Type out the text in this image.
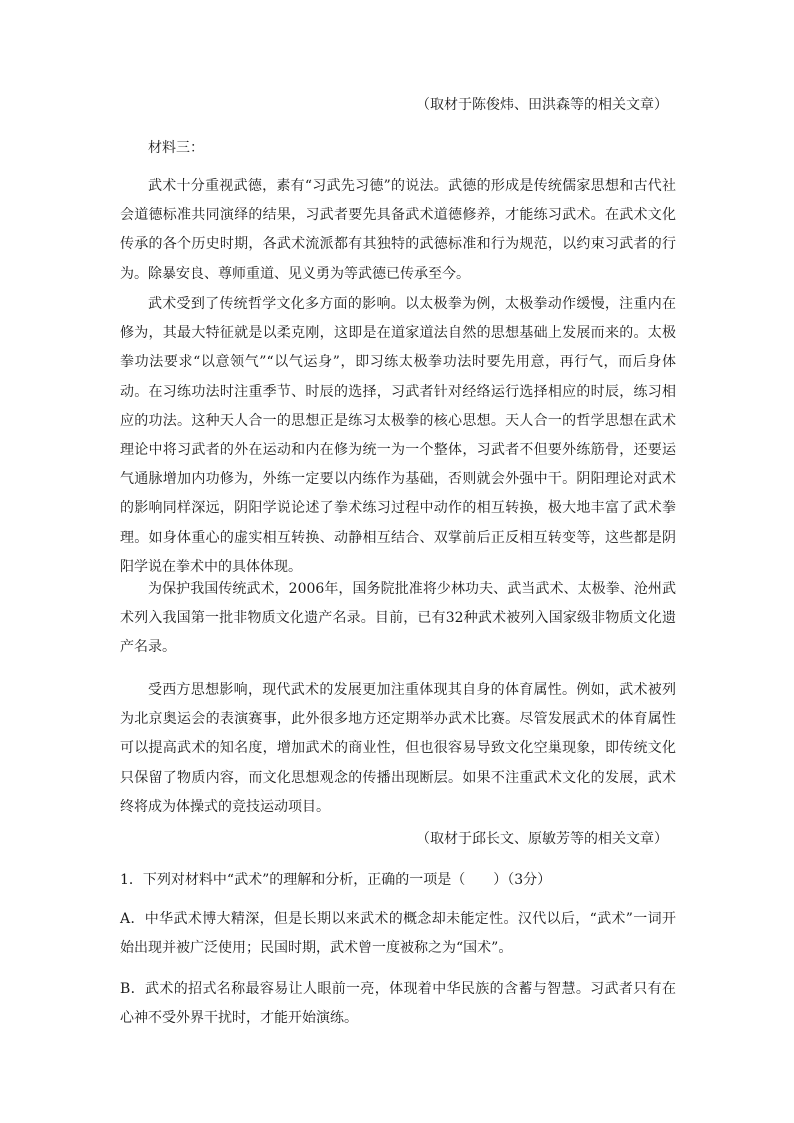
（取材于陈俊炜、田洪森等的相关文章）
材料三：

武术十分重视武德，素有“习武先习德”的说法。武德的形成是传统儒家思想和古代社会道德标准共同演绎的结果，习武者要先具备武术道德修养，才能练习武术。在武术文化传承的各个历史时期，各武术流派都有其独特的武德标准和行为规范，以约束习武者的行为。除暴安良、尊师重道、见义勇为等武德已传承至今。

武术受到了传统哲学文化多方面的影响。以太极拳为例，太极拳动作缓慢，注重内在修为，其最大特征就是以柔克刚，这即是在道家道法自然的思想基础上发展而来的。太极拳功法要求“以意领气”“以气运身”，即习练太极拳功法时要先用意，再行气，而后身体动。在习练功法时注重季节、时辰的选择，习武者针对经络运行选择相应的时辰，练习相应的功法。这种天人合一的思想正是练习太极拳的核心思想。天人合一的哲学思想在武术理论中将习武者的外在运动和内在修为统一为一个整体，习武者不但要外练筋骨，还要运气通脉增加内功修为，外练一定要以内练作为基础，否则就会外强中干。阴阳理论对武术的影响同样深远，阴阳学说论述了拳术练习过程中动作的相互转换，极大地丰富了武术拳理。如身体重心的虚实相互转换、动静相互结合、双掌前后正反相互转变等，这些都是阴阳学说在拳术中的具体体现。

为保护我国传统武术，2006年，国务院批准将少林功夫、武当武术、太极拳、沧州武术列入我国第一批非物质文化遗产名录。目前，已有32种武术被列入国家级非物质文化遗产名录。

受西方思想影响，现代武术的发展更加注重体现其自身的体育属性。例如，武术被列为北京奥运会的表演赛事，此外很多地方还定期举办武术比赛。尽管发展武术的体育属性可以提高武术的知名度，增加武术的商业性，但也很容易导致文化空巢现象，即传统文化只保留了物质内容，而文化思想观念的传播出现断层。如果不注重武术文化的发展，武术终将成为体操式的竞技运动项目。

（取材于邱长文、原敏芳等的相关文章）

1．下列对材料中“武术”的理解和分析，正确的一项是（　　）（3分）

A．中华武术博大精深，但是长期以来武术的概念却未能定性。汉代以后，“武术”一词开始出现并被广泛使用；民国时期，武术曾一度被称之为“国术”。

B．武术的招式名称最容易让人眼前一亮，体现着中华民族的含蓄与智慧。习武者只有在心神不受外界干扰时，才能开始演练。
